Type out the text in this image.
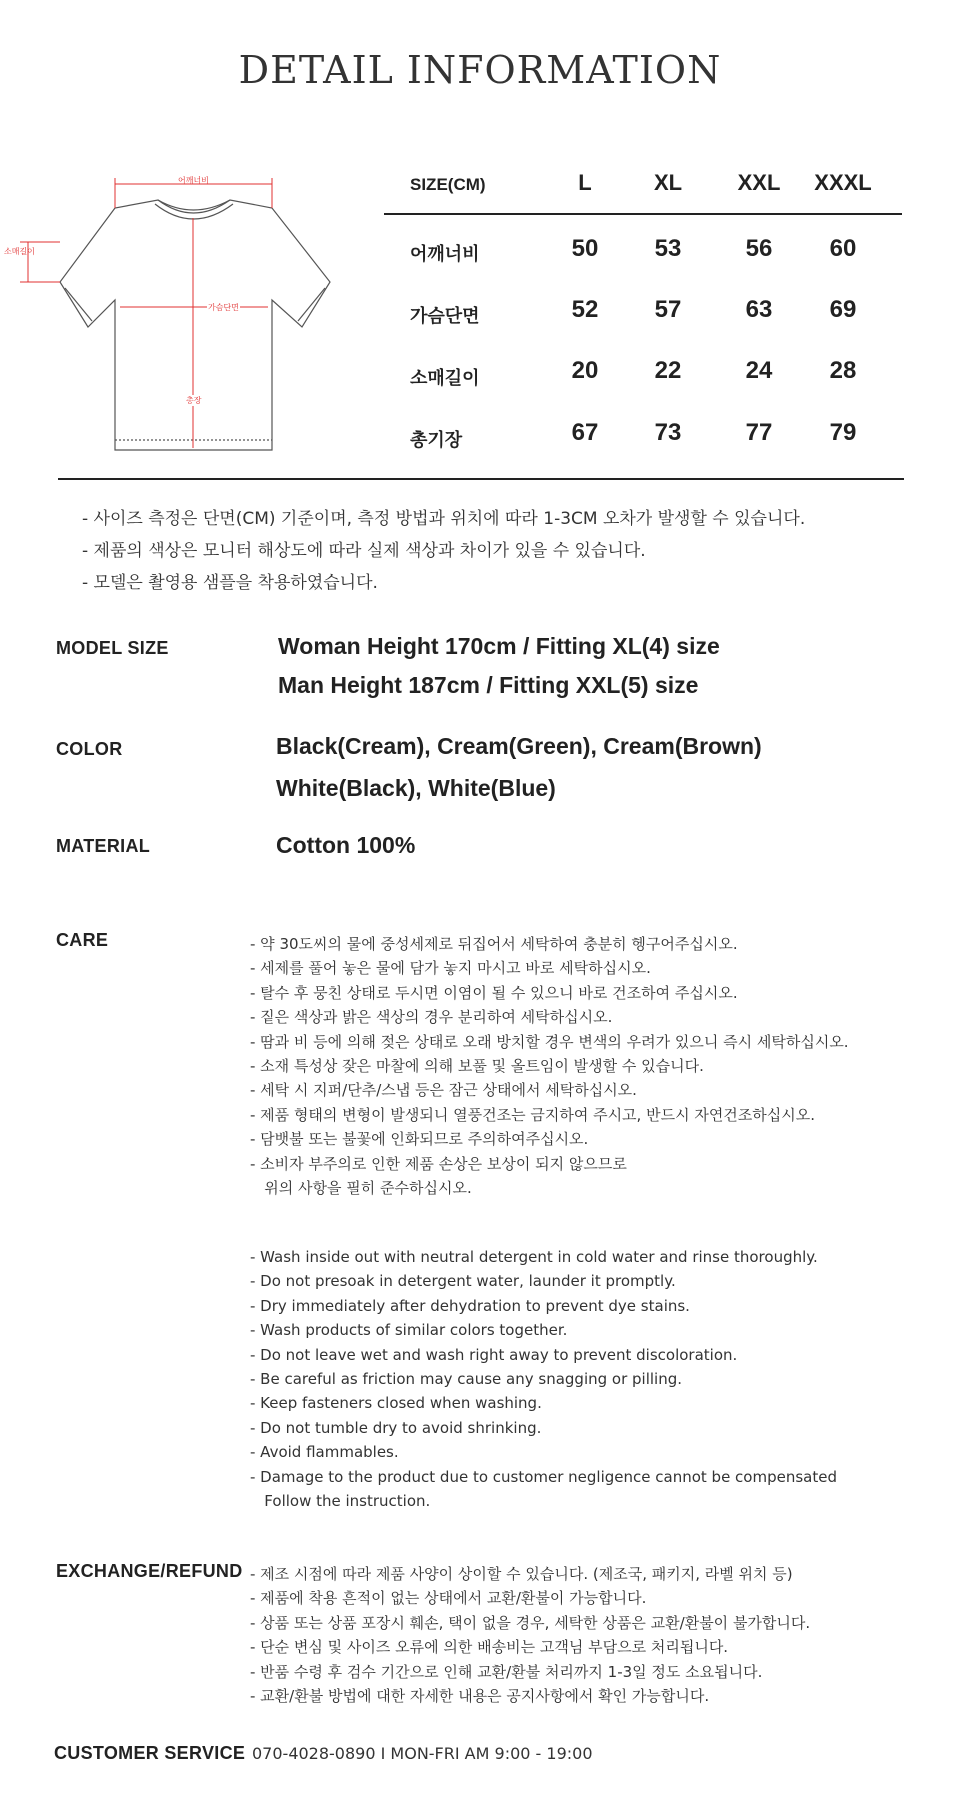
DETAIL INFORMATION
어깨너비
소매길이
가슴단면
총장
SIZE(CM)	L	XL	XXL	XXXL
어깨너비	50	53	56	60
가슴단면	52	57	63	69
소매길이	20	22	24	28
총기장	67	73	77	79
- 사이즈 측정은 단면(CM) 기준이며, 측정 방법과 위치에 따라 1-3CM 오차가 발생할 수 있습니다.
- 제품의 색상은 모니터 해상도에 따라 실제 색상과 차이가 있을 수 있습니다.
- 모델은 촬영용 샘플을 착용하였습니다.
MODEL SIZE	Woman Height 170cm / Fitting XL(4) size
Man Height 187cm / Fitting XXL(5) size
COLOR	Black(Cream), Cream(Green), Cream(Brown)
White(Black), White(Blue)
MATERIAL	Cotton 100%
CARE	- 약 30도씨의 물에 중성세제로 뒤집어서 세탁하여 충분히 헹구어주십시오.
- 세제를 풀어 놓은 물에 담가 놓지 마시고 바로 세탁하십시오.
- 탈수 후 뭉친 상태로 두시면 이염이 될 수 있으니 바로 건조하여 주십시오.
- 짙은 색상과 밝은 색상의 경우 분리하여 세탁하십시오.
- 땀과 비 등에 의해 젖은 상태로 오래 방치할 경우 변색의 우려가 있으니 즉시 세탁하십시오.
- 소재 특성상 잦은 마찰에 의해 보풀 및 올트임이 발생할 수 있습니다.
- 세탁 시 지퍼/단추/스냅 등은 잠근 상태에서 세탁하십시오.
- 제품 형태의 변형이 발생되니 열풍건조는 금지하여 주시고, 반드시 자연건조하십시오.
- 담뱃불 또는 불꽃에 인화되므로 주의하여주십시오.
- 소비자 부주의로 인한 제품 손상은 보상이 되지 않으므로
위의 사항을 필히 준수하십시오.
- Wash inside out with neutral detergent in cold water and rinse thoroughly.
- Do not presoak in detergent water, launder it promptly.
- Dry immediately after dehydration to prevent dye stains.
- Wash products of similar colors together.
- Do not leave wet and wash right away to prevent discoloration.
- Be careful as friction may cause any snagging or pilling.
- Keep fasteners closed when washing.
- Do not tumble dry to avoid shrinking.
- Avoid flammables.
- Damage to the product due to customer negligence cannot be compensated
Follow the instruction.
EXCHANGE/REFUND - 제조 시점에 따라 제품 사양이 상이할 수 있습니다. (제조국, 패키지, 라벨 위치 등)
- 제품에 착용 흔적이 없는 상태에서 교환/환불이 가능합니다.
- 상품 또는 상품 포장시 훼손, 택이 없을 경우, 세탁한 상품은 교환/환불이 불가합니다.
- 단순 변심 및 사이즈 오류에 의한 배송비는 고객님 부담으로 처리됩니다.
- 반품 수령 후 검수 기간으로 인해 교환/환불 처리까지 1-3일 정도 소요됩니다.
- 교환/환불 방법에 대한 자세한 내용은 공지사항에서 확인 가능합니다.
CUSTOMER SERVICE 070-4028-0890 I MON-FRI AM 9:00 - 19:00
